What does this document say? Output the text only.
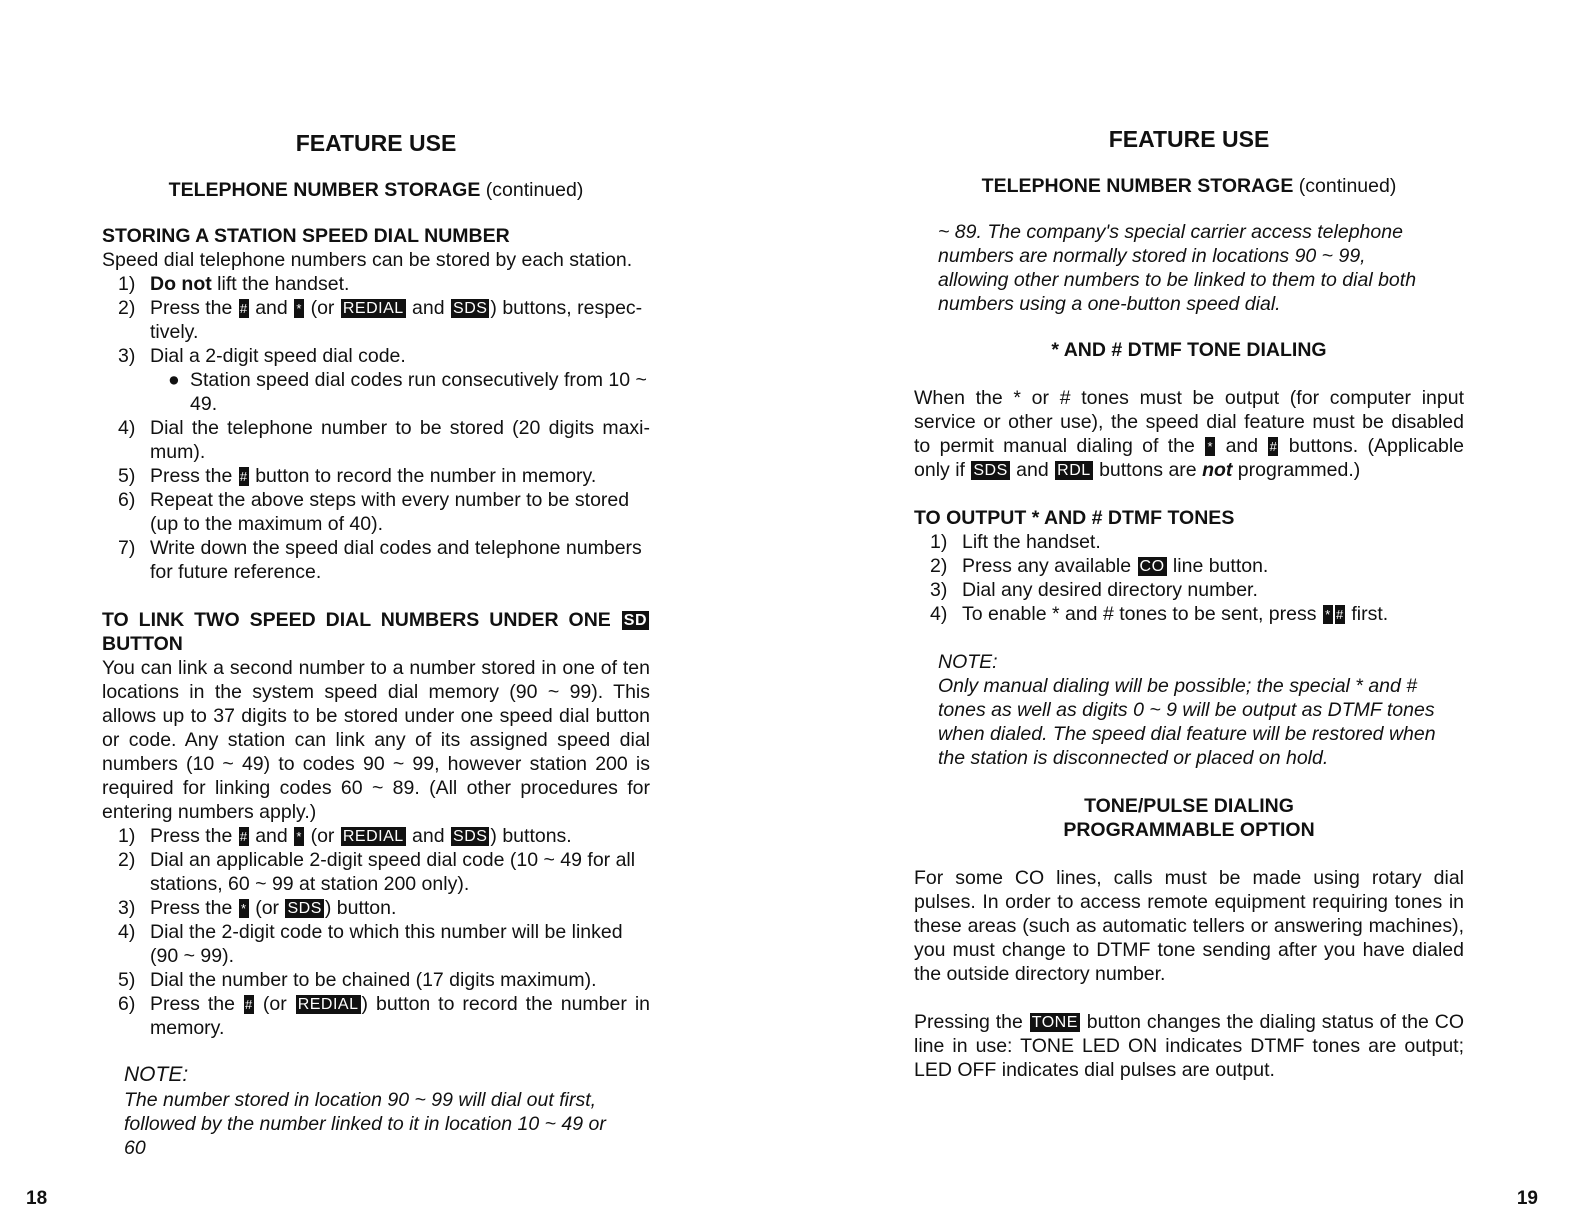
FEATURE USE
TELEPHONE NUMBER STORAGE (continued)

STORING A STATION SPEED DIAL NUMBER

Speed dial telephone numbers can be stored by each station.

1) Do not lift the handset.
2) Press the # and * (or REDIAL and SDS ) buttons, respec-tively.
3) Dial a 2-digit speed dial code.
● Station speed dial codes run consecutively from 10 ~ 49.
4) Dial the telephone number to be stored (20 digits maxi-mum).
5) Press the # button to record the number in memory.
6) Repeat the above steps with every number to be stored (up to the maximum of 40).
7) Write down the speed dial codes and telephone numbers for future reference.

TO LINK TWO SPEED DIAL NUMBERS UNDER ONE SD BUTTON

You can link a second number to a number stored in one of ten locations in the system speed dial memory (90 ~ 99). This allows up to 37 digits to be stored under one speed dial button or code. Any station can link any of its assigned speed dial numbers (10 ~ 49) to codes 90 ~ 99, however station 200 is required for linking codes 60 ~ 89. (All other procedures for entering numbers apply.)

1) Press the # and * (or REDIAL and SDS ) buttons.
2) Dial an applicable 2-digit speed dial code (10 ~ 49 for all stations, 60 ~ 99 at station 200 only).
3) Press the * (or SDS ) button.
4) Dial the 2-digit code to which this number will be linked (90 ~ 99).
5) Dial the number to be chained (17 digits maximum).
6) Press the # (or REDIAL ) button to record the number in memory.

NOTE:

The number stored in location 90 ~ 99 will dial out first, followed by the number linked to it in location 10 ~ 49 or 60

18
FEATURE USE
TELEPHONE NUMBER STORAGE (continued)

~ 89. The company's special carrier access telephone numbers are normally stored in locations 90 ~ 99, allowing other numbers to be linked to them to dial both numbers using a one-button speed dial.

* AND # DTMF TONE DIALING

When the * or # tones must be output (for computer input service or other use), the speed dial feature must be disabled to permit manual dialing of the * and # buttons. (Applicable only if SDS and RDL buttons are not programmed.)

TO OUTPUT * AND # DTMF TONES

1) Lift the handset.
2) Press any available CO line button.
3) Dial any desired directory number.
4) To enable * and # tones to be sent, press * # first.

NOTE:

Only manual dialing will be possible; the special * and # tones as well as digits 0 ~ 9 will be output as DTMF tones when dialed. The speed dial feature will be restored when the station is disconnected or placed on hold.

TONE/PULSE DIALING

PROGRAMMABLE OPTION

For some CO lines, calls must be made using rotary dial pulses. In order to access remote equipment requiring tones in these areas (such as automatic tellers or answering machines), you must change to DTMF tone sending after you have dialed the outside directory number.

Pressing the TONE button changes the dialing status of the CO line in use: TONE LED ON indicates DTMF tones are output; LED OFF indicates dial pulses are output.

19
